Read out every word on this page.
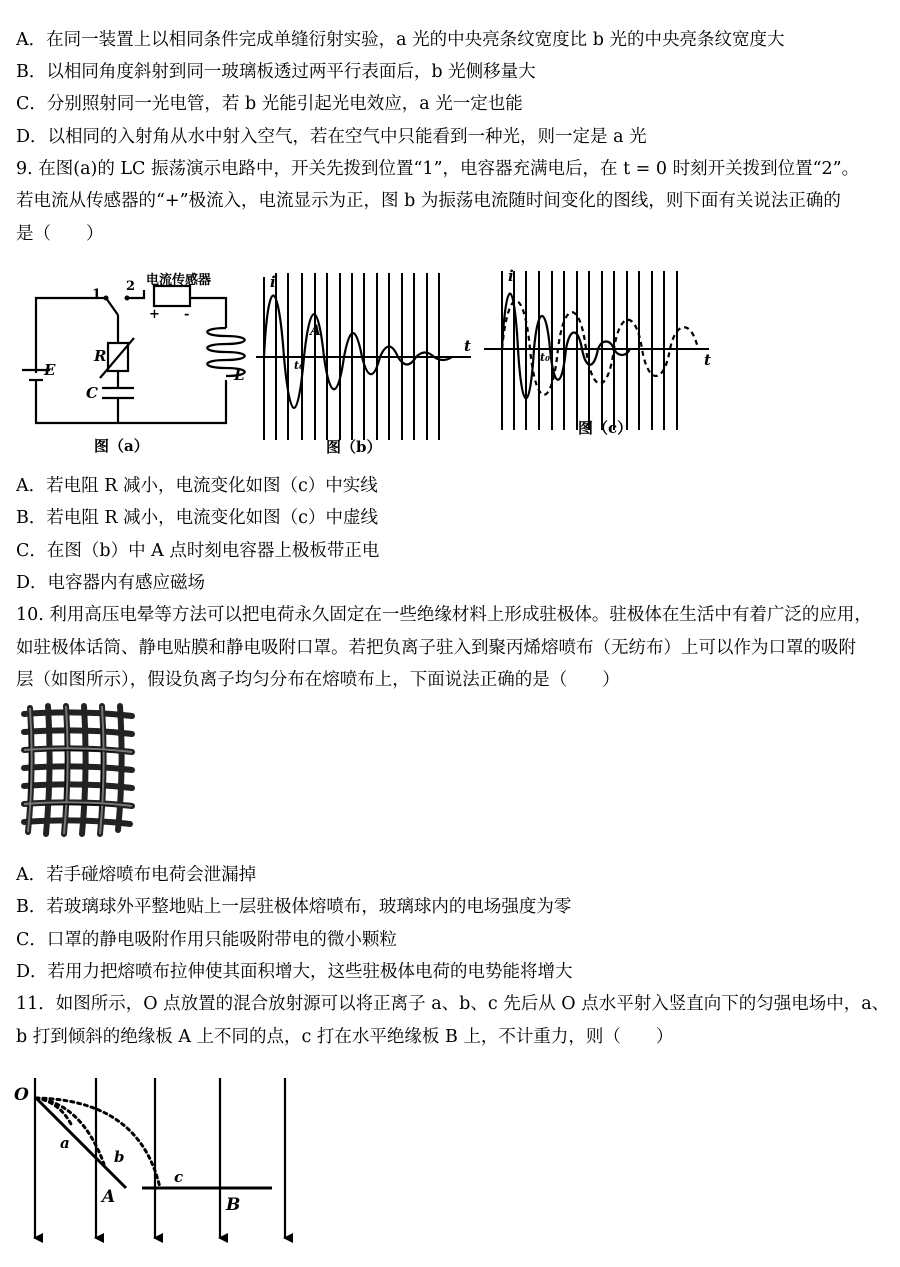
A．在同一装置上以相同条件完成单缝衍射实验，a 光的中央亮条纹宽度比 b 光的中央亮条纹宽度大
B．以相同角度斜射到同一玻璃板透过两平行表面后，b 光侧移量大
C．分别照射同一光电管，若 b 光能引起光电效应，a 光一定也能
D．以相同的入射角从水中射入空气，若在空气中只能看到一种光，则一定是 a 光
9. 在图(a)的 LC 振荡演示电路中，开关先拨到位置“1”，电容器充满电后，在 t = 0 时刻开关拨到位置“2”。
若电流从传感器的“+”极流入，电流显示为正，图 b 为振荡电流随时间变化的图线，则下面有关说法正确的
是（　　）
电流传感器
1
2
+ -
E
R
C
L
图（a）
i
t
A
t₀
图（b）
i
t
t₀
图（c）
A．若电阻 R 减小，电流变化如图（c）中实线
B．若电阻 R 减小，电流变化如图（c）中虚线
C．在图（b）中 A 点时刻电容器上极板带正电
D．电容器内有感应磁场
10. 利用高压电晕等方法可以把电荷永久固定在一些绝缘材料上形成驻极体。驻极体在生活中有着广泛的应用，
如驻极体话筒、静电贴膜和静电吸附口罩。若把负离子驻入到聚丙烯熔喷布（无纺布）上可以作为口罩的吸附
层（如图所示），假设负离子均匀分布在熔喷布上，下面说法正确的是（　　）
A．若手碰熔喷布电荷会泄漏掉
B．若玻璃球外平整地贴上一层驻极体熔喷布，玻璃球内的电场强度为零
C．口罩的静电吸附作用只能吸附带电的微小颗粒
D．若用力把熔喷布拉伸使其面积增大，这些驻极体电荷的电势能将增大
11．如图所示，O 点放置的混合放射源可以将正离子 a、b、c 先后从 O 点水平射入竖直向下的匀强电场中，a、
b 打到倾斜的绝缘板 A 上不同的点，c 打在水平绝缘板 B 上，不计重力，则（　　）
O
a
b
c
A	B
